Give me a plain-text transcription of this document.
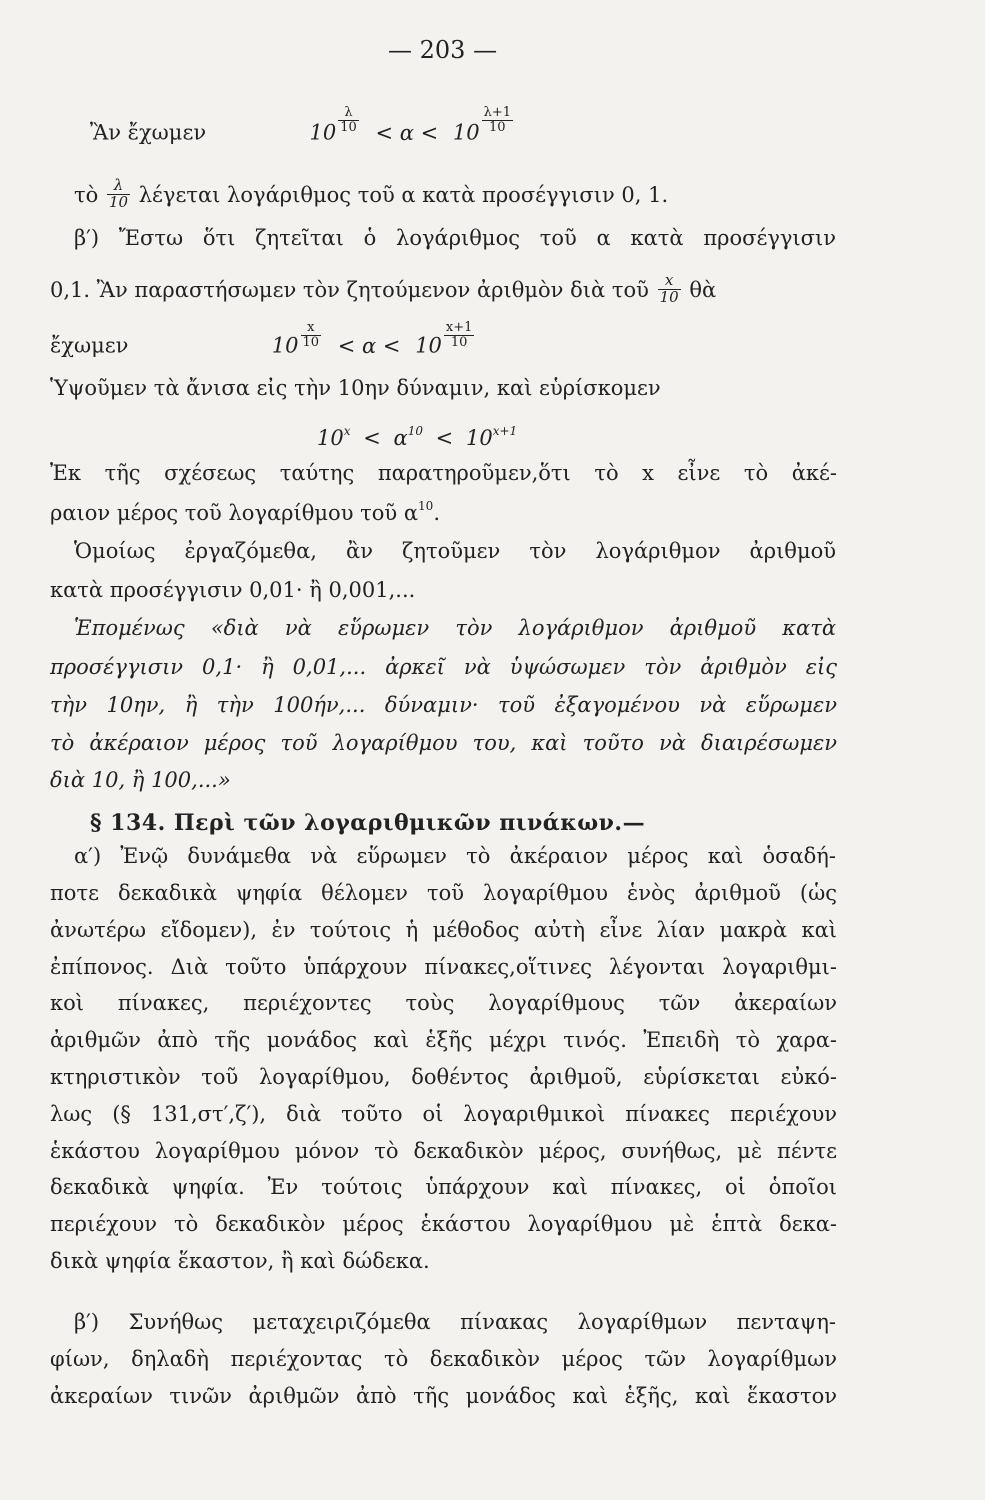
— 203 —
Ἂν ἔχωμεν	$10 \frac{\lambda}{10} < \alpha < 10 \frac{\lambda+1}{10}$
τὸ $\frac{\lambda}{10}$ λέγεται λογάριθμος τοῦ α κατὰ προσέγγισιν 0, 1.
β′) Ἔστω ὅτι ζητεῖται ὁ λογάριθμος τοῦ α κατὰ προσέγγισιν
0,1. Ἂν παραστήσωμεν τὸν ζητούμενον ἀριθμὸν διὰ τοῦ $\frac{x}{10}$ θὰ
ἔχωμεν	$10 \frac{x}{10} < \alpha < 10 \frac{x+1}{10}$
Ὑψοῦμεν τὰ ἄνισα εἰς τὴν 10ην δύναμιν, καὶ εὑρίσκομεν
$10^x < \alpha^{10} < 10^{x+1}$
Ἐκ τῆς σχέσεως ταύτης παρατηροῦμεν,ὅτι τὸ x εἶνε τὸ ἀκέ-
ραιον μέρος τοῦ λογαρίθμου τοῦ $\alpha^{10}$.
Ὁμοίως ἐργαζόμεθα, ἂν ζητοῦμεν τὸν λογάριθμον ἀριθμοῦ
κατὰ προσέγγισιν 0,01· ἢ 0,001,...
Ἑπομένως «διὰ νὰ εὕρωμεν τὸν λογάριθμον ἀριθμοῦ κατὰ
προσέγγισιν 0,1· ἢ 0,01,... ἀρκεῖ νὰ ὑψώσωμεν τὸν ἀριθμὸν εἰς
τὴν 10ην, ἢ τὴν 100ήν,... δύναμιν· τοῦ ἐξαγομένου νὰ εὕρωμεν
τὸ ἀκέραιον μέρος τοῦ λογαρίθμου του, καὶ τοῦτο νὰ διαιρέσωμεν
διὰ 10, ἢ 100,...»
§ 134. Περὶ τῶν λογαριθμικῶν πινάκων.—
α′) Ἐνῷ δυνάμεθα νὰ εὕρωμεν τὸ ἀκέραιον μέρος καὶ ὁσαδή-
ποτε δεκαδικὰ ψηφία θέλομεν τοῦ λογαρίθμου ἑνὸς ἀριθμοῦ (ὡς
ἀνωτέρω εἴδομεν), ἐν τούτοις ἡ μέθοδος αὐτὴ εἶνε λίαν μακρὰ καὶ
ἐπίπονος. Διὰ τοῦτο ὑπάρχουν πίνακες,οἵτινες λέγονται λογαριθμι-
κοὶ πίνακες, περιέχοντες τοὺς λογαρίθμους τῶν ἀκεραίων
ἀριθμῶν ἀπὸ τῆς μονάδος καὶ ἑξῆς μέχρι τινός. Ἐπειδὴ τὸ χαρα-
κτηριστικὸν τοῦ λογαρίθμου, δοθέντος ἀριθμοῦ, εὑρίσκεται εὐκό-
λως (§ 131,στ′,ζ′), διὰ τοῦτο οἱ λογαριθμικοὶ πίνακες περιέχουν
ἑκάστου λογαρίθμου μόνον τὸ δεκαδικὸν μέρος, συνήθως, μὲ πέντε
δεκαδικὰ ψηφία. Ἐν τούτοις ὑπάρχουν καὶ πίνακες, οἱ ὁποῖοι
περιέχουν τὸ δεκαδικὸν μέρος ἑκάστου λογαρίθμου μὲ ἑπτὰ δεκα-
δικὰ ψηφία ἕκαστον, ἢ καὶ δώδεκα.
β′) Συνήθως μεταχειριζόμεθα πίνακας λογαρίθμων πενταψη-
φίων, δηλαδὴ περιέχοντας τὸ δεκαδικὸν μέρος τῶν λογαρίθμων
ἀκεραίων τινῶν ἀριθμῶν ἀπὸ τῆς μονάδος καὶ ἑξῆς, καὶ ἕκαστον
